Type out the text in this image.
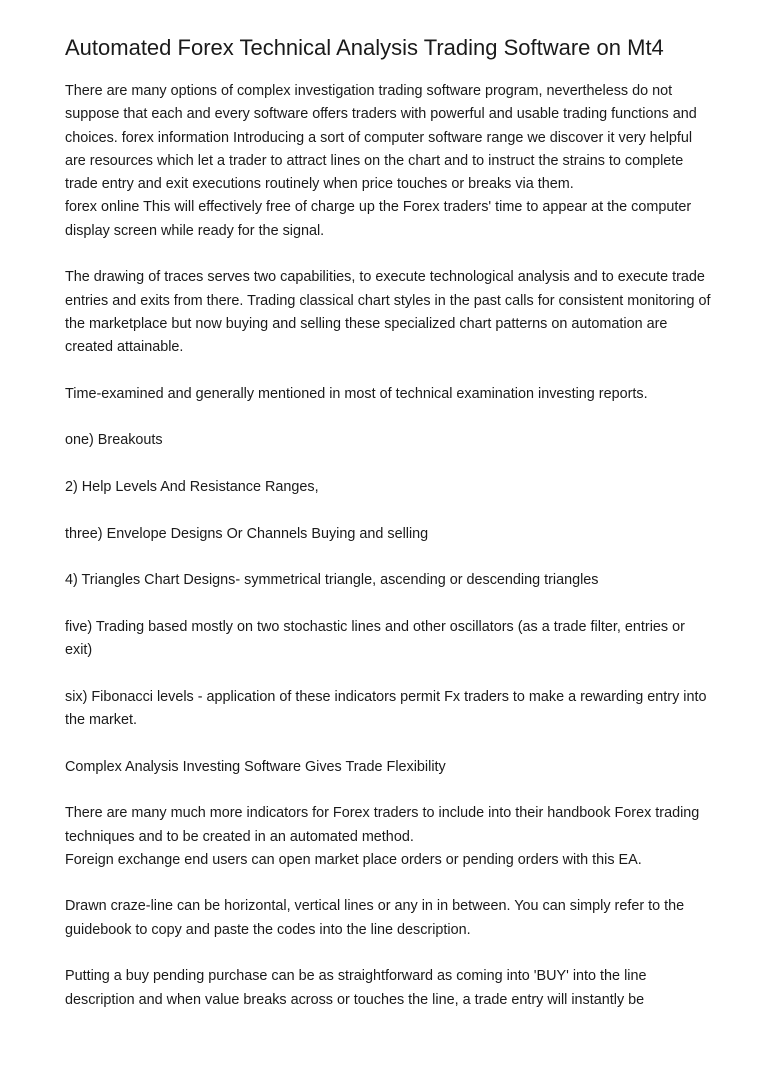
Automated Forex Technical Analysis Trading Software on Mt4
There are many options of complex investigation trading software program, nevertheless do not suppose that each and every software offers traders with powerful and usable trading functions and choices. forex information Introducing a sort of computer software range we discover it very helpful are resources which let a trader to attract lines on the chart and to instruct the strains to complete trade entry and exit executions routinely when price touches or breaks via them.
forex online This will effectively free of charge up the Forex traders' time to appear at the computer display screen while ready for the signal.
The drawing of traces serves two capabilities, to execute technological analysis and to execute trade entries and exits from there. Trading classical chart styles in the past calls for consistent monitoring of the marketplace but now buying and selling these specialized chart patterns on automation are created attainable.
Time-examined and generally mentioned in most of technical examination investing reports.
one) Breakouts
2) Help Levels And Resistance Ranges,
three) Envelope Designs Or Channels Buying and selling
4) Triangles Chart Designs- symmetrical triangle, ascending or descending triangles
five) Trading based mostly on two stochastic lines and other oscillators (as a trade filter, entries or exit)
six) Fibonacci levels - application of these indicators permit Fx traders to make a rewarding entry into the market.
Complex Analysis Investing Software Gives Trade Flexibility
There are many much more indicators for Forex traders to include into their handbook Forex trading techniques and to be created in an automated method.
Foreign exchange end users can open market place orders or pending orders with this EA.
Drawn craze-line can be horizontal, vertical lines or any in in between. You can simply refer to the guidebook to copy and paste the codes into the line description.
Putting a buy pending purchase can be as straightforward as coming into 'BUY' into the line description and when value breaks across or touches the line, a trade entry will instantly be
